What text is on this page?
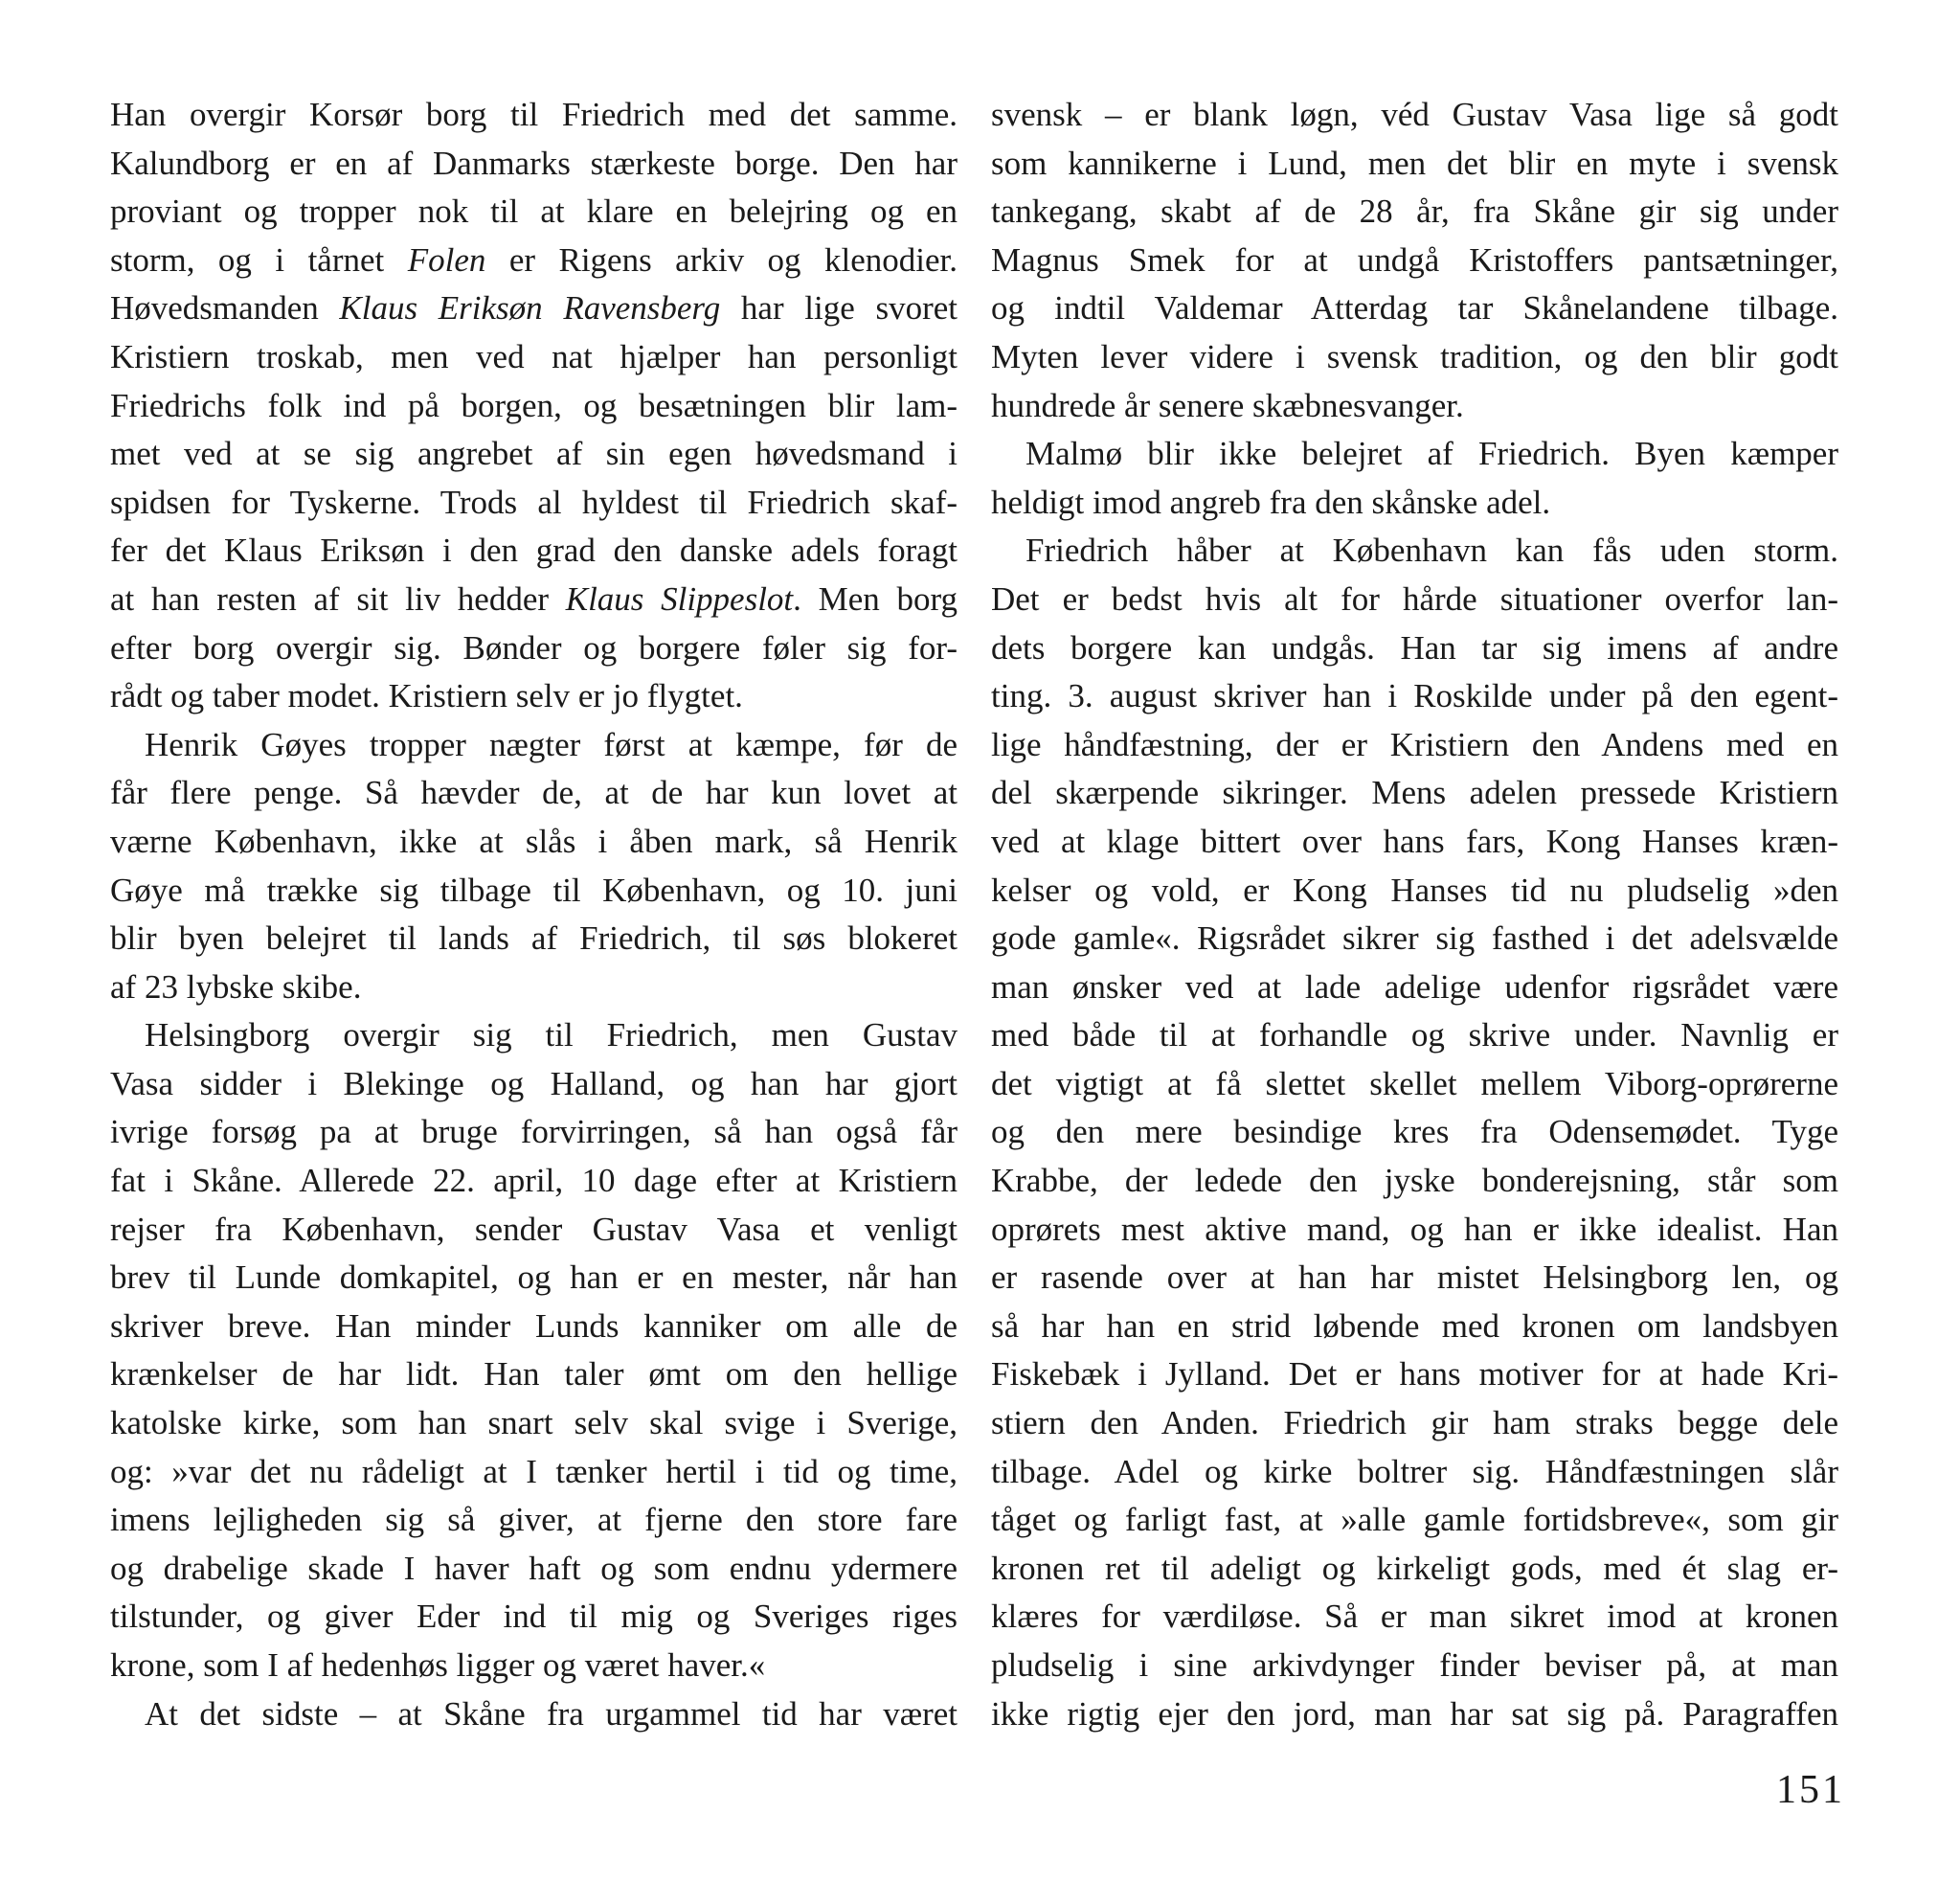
Han overgir Korsør borg til Friedrich med det samme.
Kalundborg er en af Danmarks stærkeste borge. Den har
proviant og tropper nok til at klare en belejring og en
storm, og i tårnet Folen er Rigens arkiv og klenodier.
Høvedsmanden Klaus Eriksøn Ravensberg har lige svoret
Kristiern troskab, men ved nat hjælper han personligt
Friedrichs folk ind på borgen, og besætningen blir lam-
met ved at se sig angrebet af sin egen høvedsmand i
spidsen for Tyskerne. Trods al hyldest til Friedrich skaf-
fer det Klaus Eriksøn i den grad den danske adels foragt
at han resten af sit liv hedder Klaus Slippeslot. Men borg
efter borg overgir sig. Bønder og borgere føler sig for-
rådt og taber modet. Kristiern selv er jo flygtet.
Henrik Gøyes tropper nægter først at kæmpe, før de
får flere penge. Så hævder de, at de har kun lovet at
værne København, ikke at slås i åben mark, så Henrik
Gøye må trække sig tilbage til København, og 10. juni
blir byen belejret til lands af Friedrich, til søs blokeret
af 23 lybske skibe.
Helsingborg overgir sig til Friedrich, men Gustav
Vasa sidder i Blekinge og Halland, og han har gjort
ivrige forsøg pa at bruge forvirringen, så han også får
fat i Skåne. Allerede 22. april, 10 dage efter at Kristiern
rejser fra København, sender Gustav Vasa et venligt
brev til Lunde domkapitel, og han er en mester, når han
skriver breve. Han minder Lunds kanniker om alle de
krænkelser de har lidt. Han taler ømt om den hellige
katolske kirke, som han snart selv skal svige i Sverige,
og: »var det nu rådeligt at I tænker hertil i tid og time,
imens lejligheden sig så giver, at fjerne den store fare
og drabelige skade I haver haft og som endnu ydermere
tilstunder, og giver Eder ind til mig og Sveriges riges
krone, som I af hedenhøs ligger og været haver.«
At det sidste – at Skåne fra urgammel tid har været
svensk – er blank løgn, véd Gustav Vasa lige så godt
som kannikerne i Lund, men det blir en myte i svensk
tankegang, skabt af de 28 år, fra Skåne gir sig under
Magnus Smek for at undgå Kristoffers pantsætninger,
og indtil Valdemar Atterdag tar Skånelandene tilbage.
Myten lever videre i svensk tradition, og den blir godt
hundrede år senere skæbnesvanger.
Malmø blir ikke belejret af Friedrich. Byen kæmper
heldigt imod angreb fra den skånske adel.
Friedrich håber at København kan fås uden storm.
Det er bedst hvis alt for hårde situationer overfor lan-
dets borgere kan undgås. Han tar sig imens af andre
ting. 3. august skriver han i Roskilde under på den egent-
lige håndfæstning, der er Kristiern den Andens med en
del skærpende sikringer. Mens adelen pressede Kristiern
ved at klage bittert over hans fars, Kong Hanses kræn-
kelser og vold, er Kong Hanses tid nu pludselig »den
gode gamle«. Rigsrådet sikrer sig fasthed i det adelsvælde
man ønsker ved at lade adelige udenfor rigsrådet være
med både til at forhandle og skrive under. Navnlig er
det vigtigt at få slettet skellet mellem Viborg-oprørerne
og den mere besindige kres fra Odensemødet. Tyge
Krabbe, der ledede den jyske bonderejsning, står som
oprørets mest aktive mand, og han er ikke idealist. Han
er rasende over at han har mistet Helsingborg len, og
så har han en strid løbende med kronen om landsbyen
Fiskebæk i Jylland. Det er hans motiver for at hade Kri-
stiern den Anden. Friedrich gir ham straks begge dele
tilbage. Adel og kirke boltrer sig. Håndfæstningen slår
tåget og farligt fast, at »alle gamle fortidsbreve«, som gir
kronen ret til adeligt og kirkeligt gods, med ét slag er-
klæres for værdiløse. Så er man sikret imod at kronen
pludselig i sine arkivdynger finder beviser på, at man
ikke rigtig ejer den jord, man har sat sig på. Paragraffen
151
